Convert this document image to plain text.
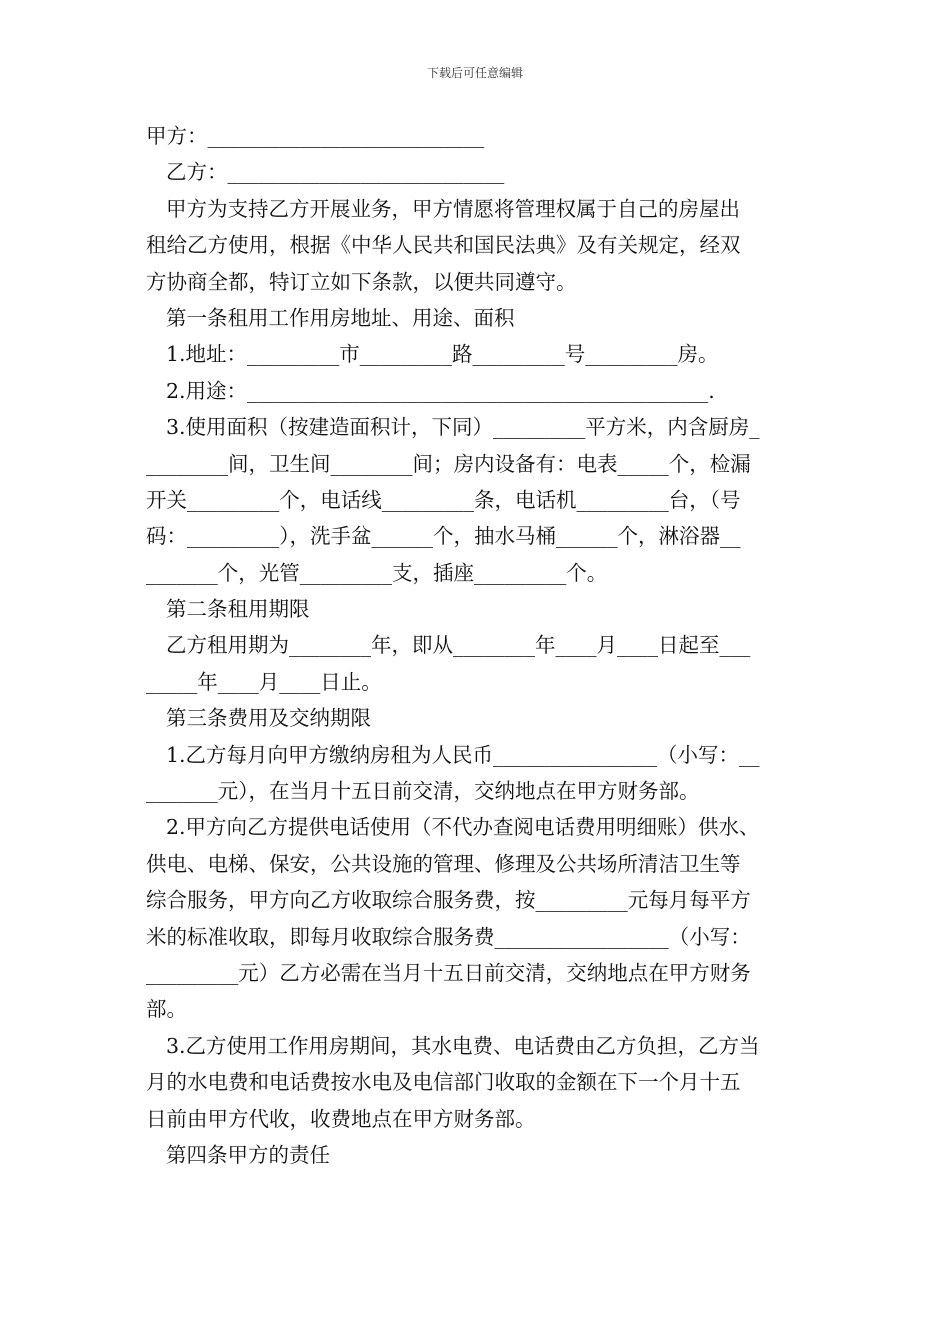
下载后可任意编辑
甲方：___________________________
乙方：___________________________
甲方为支持乙方开展业务，甲方情愿将管理权属于自己的房屋出
租给乙方使用，根据《中华人民共和国民法典》及有关规定，经双
方协商全都，特订立如下条款，以便共同遵守。
第一条租用工作用房地址、用途、面积
1.地址：_________市_________路_________号_________房。
2.用途：_____________________________________________.
3.使用面积（按建造面积计，下同）_________平方米，内含厨房_
________间，卫生间________间；房内设备有：电表_____个，检漏
开关_________个，电话线_________条，电话机_________台，（号
码：_________），洗手盆______个，抽水马桶______个，淋浴器__
_______个，光管_________支，插座_________个。
第二条租用期限
乙方租用期为________年，即从________年____月____日起至___
_____年____月____日止。
第三条费用及交纳期限
1.乙方每月向甲方缴纳房租为人民币________________（小写：__
_______元），在当月十五日前交清，交纳地点在甲方财务部。
2.甲方向乙方提供电话使用（不代办查阅电话费用明细账）供水、
供电、电梯、保安，公共设施的管理、修理及公共场所清洁卫生等
综合服务，甲方向乙方收取综合服务费，按_________元每月每平方
米的标准收取，即每月收取综合服务费_________________（小写：
_________元）乙方必需在当月十五日前交清，交纳地点在甲方财务
部。
3.乙方使用工作用房期间，其水电费、电话费由乙方负担，乙方当
月的水电费和电话费按水电及电信部门收取的金额在下一个月十五
日前由甲方代收，收费地点在甲方财务部。
第四条甲方的责任
